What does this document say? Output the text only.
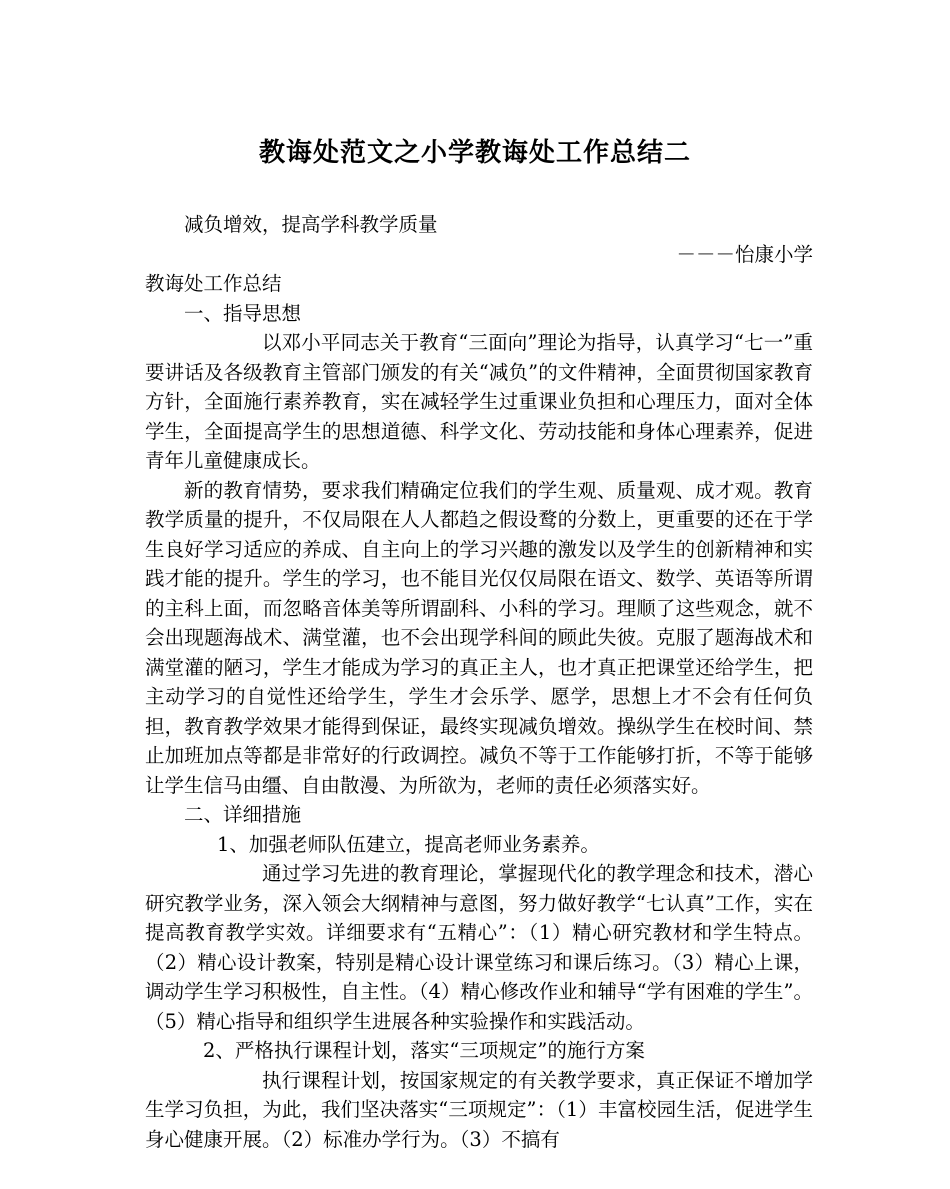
教诲处范文之小学教诲处工作总结二

减负增效，提高学科教学质量

－－－怡康小学

教诲处工作总结

一、指导思想

以邓小平同志关于教育“三面向”理论为指导，认真学习“七一”重要讲话及各级教育主管部门颁发的有关“减负”的文件精神，全面贯彻国家教育方针，全面施行素养教育，实在减轻学生过重课业负担和心理压力，面对全体学生，全面提高学生的思想道德、科学文化、劳动技能和身体心理素养，促进青年儿童健康成长。

新的教育情势，要求我们精确定位我们的学生观、质量观、成才观。教育教学质量的提升，不仅局限在人人都趋之假设鹜的分数上，更重要的还在于学生良好学习适应的养成、自主向上的学习兴趣的激发以及学生的创新精神和实践才能的提升。学生的学习，也不能目光仅仅局限在语文、数学、英语等所谓的主科上面，而忽略音体美等所谓副科、小科的学习。理顺了这些观念，就不会出现题海战术、满堂灌，也不会出现学科间的顾此失彼。克服了题海战术和满堂灌的陋习，学生才能成为学习的真正主人，也才真正把课堂还给学生，把主动学习的自觉性还给学生，学生才会乐学、愿学，思想上才不会有任何负担，教育教学效果才能得到保证，最终实现减负增效。操纵学生在校时间、禁止加班加点等都是非常好的行政调控。减负不等于工作能够打折，不等于能够让学生信马由缰、自由散漫、为所欲为，老师的责任必须落实好。

二、详细措施

1、加强老师队伍建立，提高老师业务素养。

通过学习先进的教育理论，掌握现代化的教学理念和技术，潜心研究教学业务，深入领会大纲精神与意图，努力做好教学“七认真”工作，实在提高教育教学实效。详细要求有“五精心”：（1）精心研究教材和学生特点。（2）精心设计教案，特别是精心设计课堂练习和课后练习。（3）精心上课，调动学生学习积极性，自主性。（4）精心修改作业和辅导“学有困难的学生”。（5）精心指导和组织学生进展各种实验操作和实践活动。

2、严格执行课程计划，落实“三项规定”的施行方案

执行课程计划，按国家规定的有关教学要求，真正保证不增加学生学习负担，为此，我们坚决落实“三项规定”：（1）丰富校园生活，促进学生身心健康开展。（2）标准办学行为。（3）不搞有
